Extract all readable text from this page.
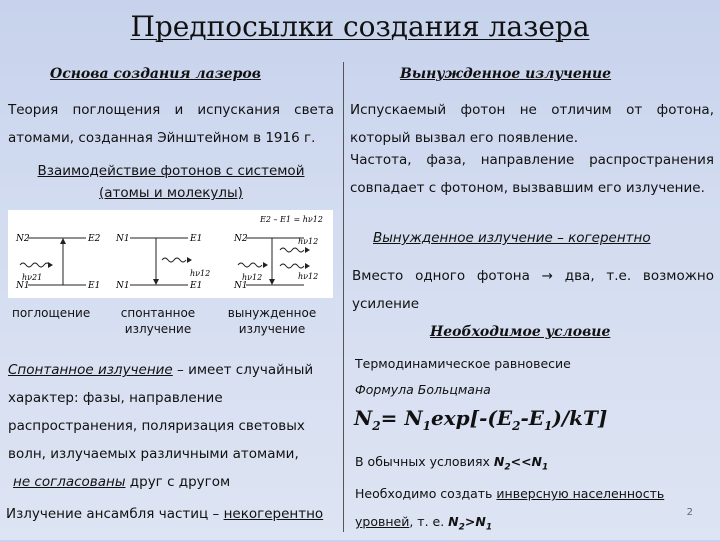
Предпосылки создания лазера
Основа создания лазеров
Теория поглощения и испускания света атомами, созданная Эйнштейном в 1916 г.
Взаимодействие фотонов с системой
(атомы и молекулы)
N2
N1
E2
E1
hν21
N1
N1
E1
E1
hν12
N2
N1
E2 – E1 = hν12
hν12
hν12
hν12
поглощение	спонтанное
излучение
вынужденное
излучение
Спонтанное излучение – имеет случайный
характер: фазы, направление
распространения, поляризация световых
волн, излучаемых различными атомами,
не согласованы друг с другом
Излучение ансамбля частиц – некогерентно
Вынужденное излучение
Испускаемый фотон не отличим от фотона, который вызвал его появление.
Частота, фаза, направление распространения совпадает с фотоном, вызвавшим его излучение.
Вынужденное излучение – когерентно
Вместо одного фотона → два, т.е. возможно усиление
Необходимое условие
Термодинамическое равновесие
Формула Больцмана
$N_2= N_1\exp[-(E_2-E_1)/kT]$
В обычных условиях $N_2<<N_1$
Необходимо создать инверсную населенность
уровней, т. е. $N_2>N_1$
2
